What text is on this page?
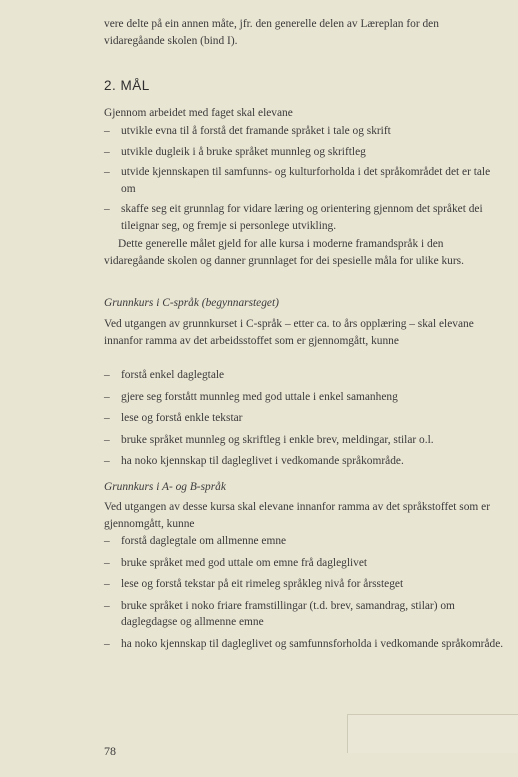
vere delte på ein annen måte, jfr. den generelle delen av Læreplan for den vidaregåande skolen (bind I).
2. MÅL
Gjennom arbeidet med faget skal elevane
– utvikle evna til å forstå det framande språket i tale og skrift
– utvikle dugleik i å bruke språket munnleg og skriftleg
– utvide kjennskapen til samfunns- og kulturforholda i det språkområdet det er tale om
– skaffe seg eit grunnlag for vidare læring og orientering gjennom det språket dei tileignar seg, og fremje si personlege utvikling.
Dette generelle målet gjeld for alle kursa i moderne framandspråk i den vidaregåande skolen og danner grunnlaget for dei spesielle måla for ulike kurs.
Grunnkurs i C-språk (begynnarsteget)
Ved utgangen av grunnkurset i C-språk – etter ca. to års opplæring – skal elevane innanfor ramma av det arbeidsstoffet som er gjennomgått, kunne
– forstå enkel daglegtale
– gjere seg forstått munnleg med god uttale i enkel samanheng
– lese og forstå enkle tekstar
– bruke språket munnleg og skriftleg i enkle brev, meldingar, stilar o.l.
– ha noko kjennskap til dagleglivet i vedkomande språkområde.
Grunnkurs i A- og B-språk
Ved utgangen av desse kursa skal elevane innanfor ramma av det språkstoffet som er gjennomgått, kunne
– forstå daglegtale om allmenne emne
– bruke språket med god uttale om emne frå dagleglivet
– lese og forstå tekstar på eit rimeleg språkleg nivå for årssteget
– bruke språket i noko friare framstillingar (t.d. brev, samandrag, stilar) om daglegdagse og allmenne emne
– ha noko kjennskap til dagleglivet og samfunnsforholda i vedkomande språkområde.
78
